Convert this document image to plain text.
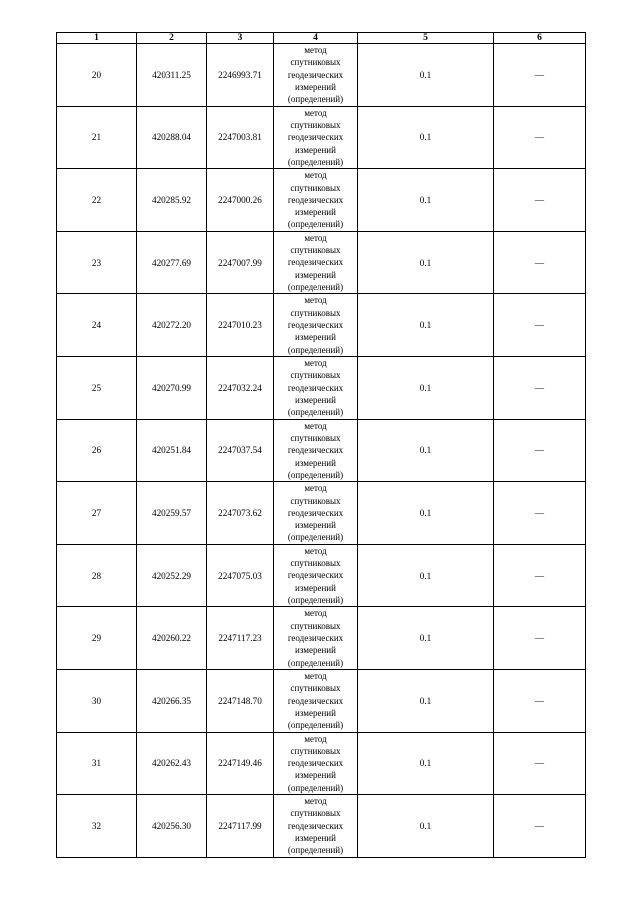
1	2	3	4	5	6
20	420311.25	2246993.71	метод
спутниковых
геодезических
измерений
(определений)	0.1	—
21	420288.04	2247003.81	метод
спутниковых
геодезических
измерений
(определений)	0.1	—
22	420285.92	2247000.26	метод
спутниковых
геодезических
измерений
(определений)	0.1	—
23	420277.69	2247007.99	метод
спутниковых
геодезических
измерений
(определений)	0.1	—
24	420272.20	2247010.23	метод
спутниковых
геодезических
измерений
(определений)	0.1	—
25	420270.99	2247032.24	метод
спутниковых
геодезических
измерений
(определений)	0.1	—
26	420251.84	2247037.54	метод
спутниковых
геодезических
измерений
(определений)	0.1	—
27	420259.57	2247073.62	метод
спутниковых
геодезических
измерений
(определений)	0.1	—
28	420252.29	2247075.03	метод
спутниковых
геодезических
измерений
(определений)	0.1	—
29	420260.22	2247117.23	метод
спутниковых
геодезических
измерений
(определений)	0.1	—
30	420266.35	2247148.70	метод
спутниковых
геодезических
измерений
(определений)	0.1	—
31	420262.43	2247149.46	метод
спутниковых
геодезических
измерений
(определений)	0.1	—
32	420256.30	2247117.99	метод
спутниковых
геодезических
измерений
(определений)	0.1	—
